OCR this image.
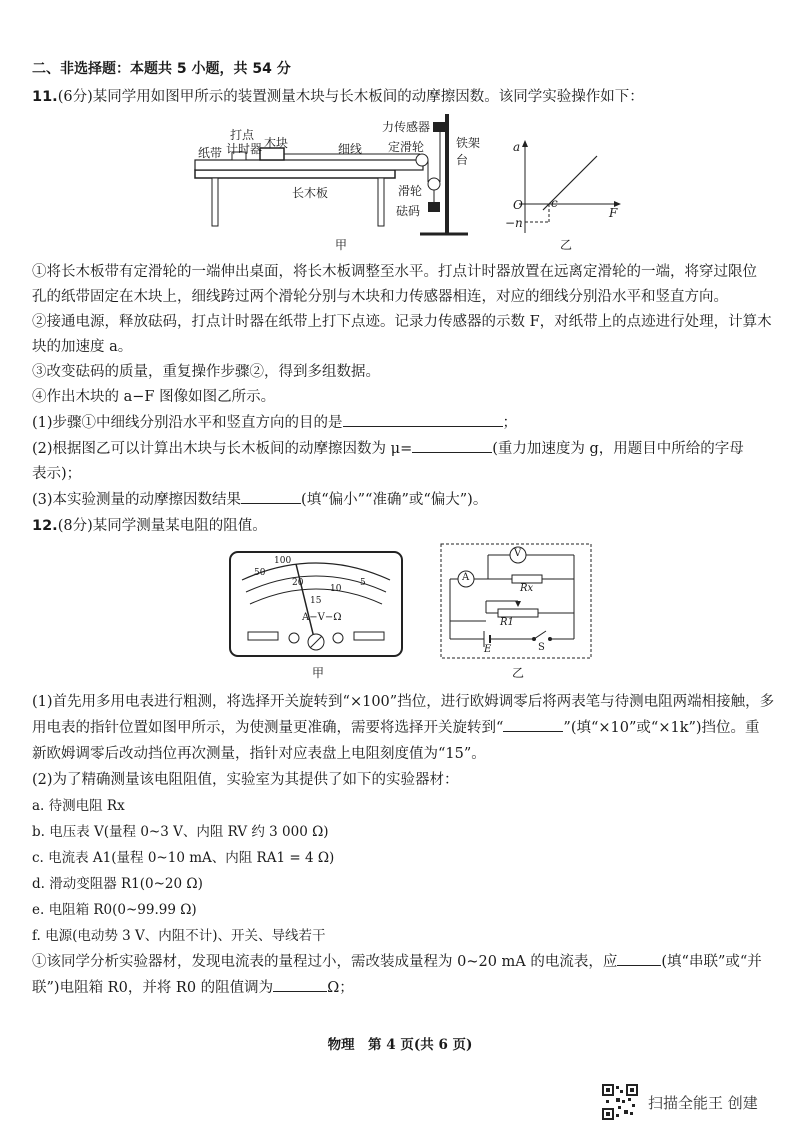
二、非选择题：本题共 5 小题，共 54 分
11.(6分)某同学用如图甲所示的装置测量木块与长木板间的动摩擦因数。该同学实验操作如下：
纸带
打点
计时器 木块	细线
力传感器
定滑轮	铁架台
长木板	滑轮
砝码
甲
a
O c
F
−n
乙
①将长木板带有定滑轮的一端伸出桌面，将长木板调整至水平。打点计时器放置在远离定滑轮的一端，将穿过限位
孔的纸带固定在木块上，细线跨过两个滑轮分别与木块和力传感器相连，对应的细线分别沿水平和竖直方向。
②接通电源，释放砝码，打点计时器在纸带上打下点迹。记录力传感器的示数 F，对纸带上的点迹进行处理，计算木
块的加速度 a。
③改变砝码的质量，重复操作步骤②，得到多组数据。
④作出木块的 a−F 图像如图乙所示。
(1)步骤①中细线分别沿水平和竖直方向的目的是	；
(2)根据图乙可以计算出木块与长木板间的动摩擦因数为 μ=	(重力加速度为 g，用题目中所给的字母
表示)；
(3)本实验测量的动摩擦因数结果	(填“偏小”“准确”或“偏大”)。
12.(8分)某同学测量某电阻的阻值。
50
100
20
15
10
5
A−V−Ω
甲
V
A
Rx
R1
E	S
乙
(1)首先用多用电表进行粗测，将选择开关旋转到“×100”挡位，进行欧姆调零后将两表笔与待测电阻两端相接触，多
用电表的指针位置如图甲所示，为使测量更准确，需要将选择开关旋转到“	”(填“×10”或“×1k”)挡位。重
新欧姆调零后改动挡位再次测量，指针对应表盘上电阻刻度值为“15”。
(2)为了精确测量该电阻阻值，实验室为其提供了如下的实验器材：
a. 待测电阻 Rx
b. 电压表 V(量程 0~3 V、内阻 RV 约 3 000 Ω)
c. 电流表 A1(量程 0~10 mA、内阻 RA1 = 4 Ω)
d. 滑动变阻器 R1(0~20 Ω)
e. 电阻箱 R0(0~99.99 Ω)
f. 电源(电动势 3 V、内阻不计)、开关、导线若干
①该同学分析实验器材，发现电流表的量程过小，需改装成量程为 0~20 mA 的电流表，应	(填“串联”或“并
联”)电阻箱 R0，并将 R0 的阻值调为	Ω；
物理　第 4 页(共 6 页)
扫描全能王 创建
